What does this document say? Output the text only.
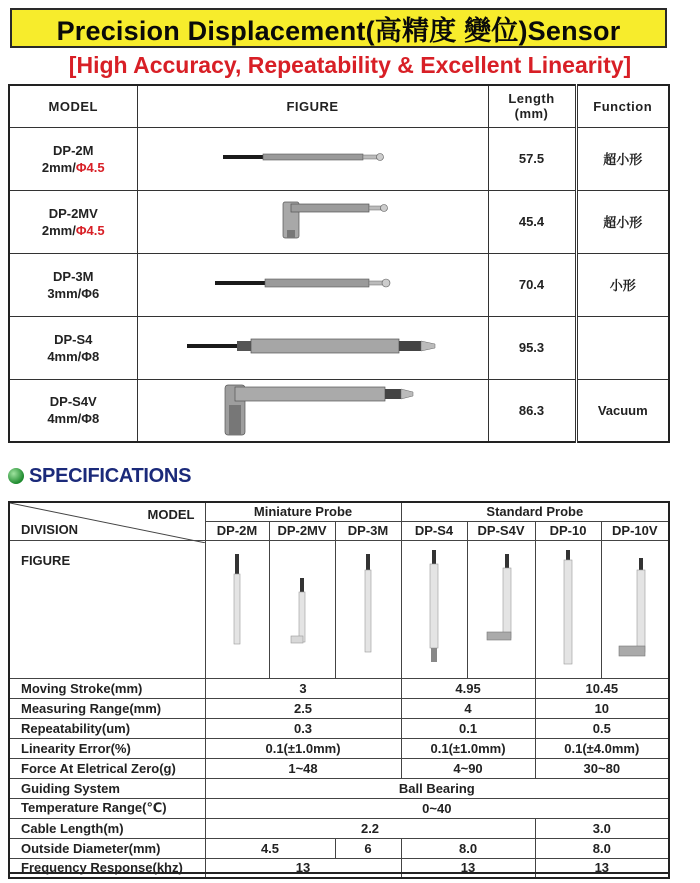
Precision Displacement(高精度 變位)Sensor
[High Accuracy, Repeatability & Excellent Linearity]
MODEL	FIGURE	Length
(mm)	Function
DP-2M
2mm/Φ4.5		57.5	超小形
DP-2MV
2mm/Φ4.5		45.4	超小形
DP-3M
3mm/Φ6		70.4	小形
DP-S4
4mm/Φ8		95.3	
DP-S4V
4mm/Φ8		86.3	Vacuum
SPECIFICATIONS
MODEL
DIVISION	Miniature Probe			Standard Probe			
	DP-2M	DP-2MV	DP-3M	DP-S4	DP-S4V	DP-10	DP-10V
FIGURE							
Moving Stroke(mm)	3			4.95		10.45	
Measuring Range(mm)	2.5			4		10	
Repeatability(um)	0.3			0.1		0.5	
Linearity Error(%)	0.1(±1.0mm)			0.1(±1.0mm)		0.1(±4.0mm)	
Force At Eletrical Zero(g)	1~48			4~90		30~80	
Guiding System	Ball Bearing						
Temperature Range(℃)	0~40						
Cable Length(m)	2.2					3.0	
Outside Diameter(mm)	4.5		6	8.0		8.0	
Frequency Response(khz)	13			13		13	
